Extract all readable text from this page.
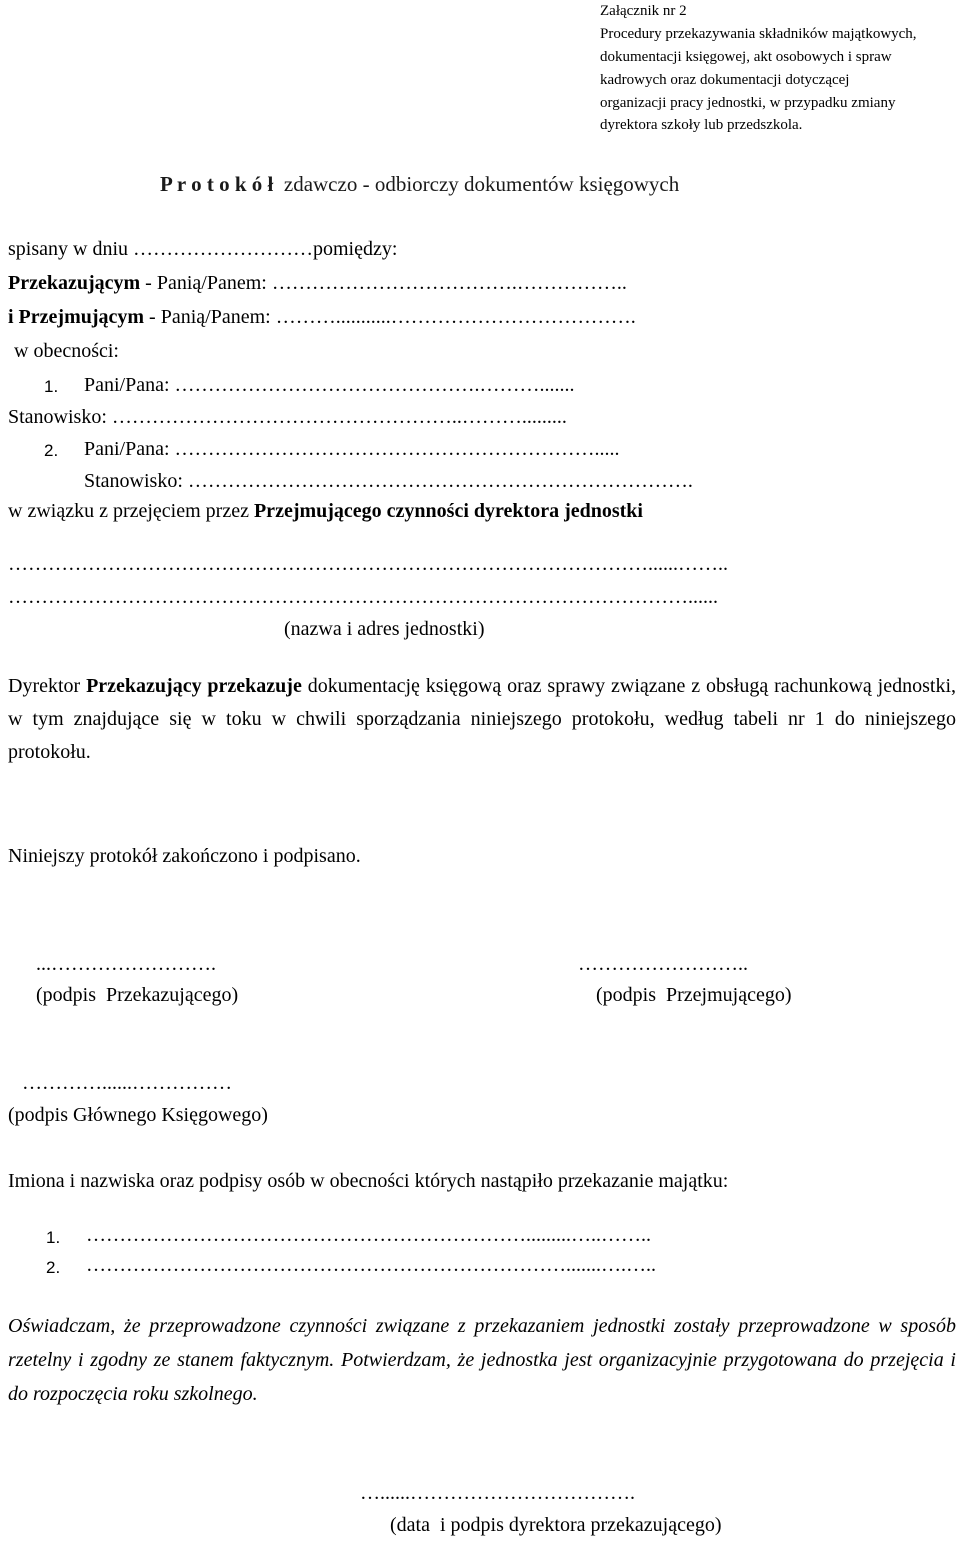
Załącznik nr 2
Procedury przekazywania składników majątkowych,
dokumentacji księgowej, akt osobowych i spraw
kadrowych oraz dokumentacji dotyczącej
organizacji pracy jednostki, w przypadku zmiany
dyrektora szkoły lub przedszkola.
P r o t o k ó ł zdawczo - odbiorczy dokumentów księgowych
spisany w dniu ………………………pomiędzy:
Przekazującym - Panią/Panem: ……………………………….……………..
i Przejmującym - Panią/Panem: ………...........……………………………….
w obecności:
1. Pani/Pana: ……………………………………….……….......
Stanowisko: ……………………………………………..……….........
2. Pani/Pana: ……………………………………………………….....
Stanowisko: ………………………………………………………………….
w związku z przejęciem przez Przejmującego czynności dyrektora jednostki
……………………………………………………………………………………......……..
…………………………………………………………………………………………......
(nazwa i adres jednostki)
Dyrektor Przekazujący przekazuje dokumentację księgową oraz sprawy związane z obsługą rachunkową jednostki, w tym znajdujące się w toku w chwili sporządzania niniejszego protokołu, według tabeli nr 1 do niniejszego protokołu.
Niniejszy protokół zakończono i podpisano.
...…………………….
(podpis  Przekazującego)
……………………..
(podpis  Przejmującego)
…………......……………
(podpis Głównego Księgowego)
Imiona i nazwiska oraz podpisy osób w obecności których nastąpiło przekazanie majątku:
1. ………………………………………………………….........…..……..
2. ……………………………………………………………….......….…..
Oświadczam, że przeprowadzone czynności związane z przekazaniem jednostki zostały przeprowadzone w sposób rzetelny i zgodny ze stanem faktycznym. Potwierdzam, że jednostka jest organizacyjnie przygotowana do przejęcia i do rozpoczęcia roku szkolnego.
…......…………………………….
(data  i podpis dyrektora przekazującego)
